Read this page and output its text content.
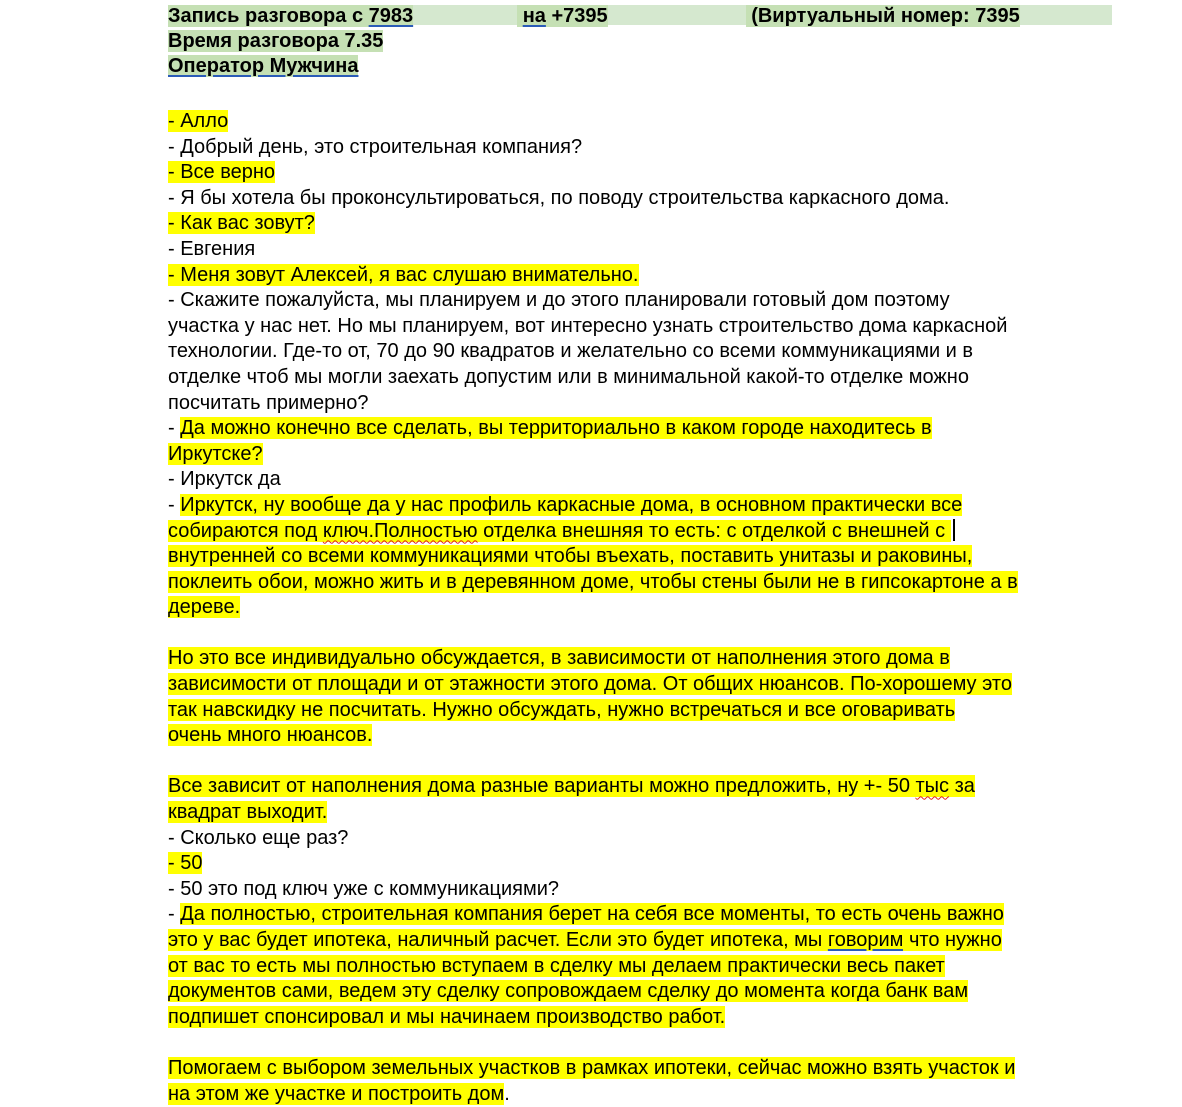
Запись разговора с 7983	на +7395	(Виртуальный номер: 7395
Время разговора 7.35
Оператор Мужчина

- Алло

- Добрый день, это строительная компания?

- Все верно

- Я бы хотела бы проконсультироваться, по поводу строительства каркасного дома.

- Как вас зовут?

- Евгения

- Меня зовут Алексей, я вас слушаю внимательно.

- Скажите пожалуйста, мы планируем и до этого планировали готовый дом поэтому

участка у нас нет. Но мы планируем, вот интересно узнать строительство дома каркасной

технологии. Где-то от, 70 до 90 квадратов и желательно со всеми коммуникациями и в

отделке чтоб мы могли заехать допустим или в минимальной какой-то отделке можно

посчитать примерно?

- Да можно конечно все сделать, вы территориально в каком городе находитесь в

Иркутске?

- Иркутск да

- Иркутск, ну вообще да у нас профиль каркасные дома, в основном практически все

собираются под ключ.Полностью отделка внешняя то есть: с отделкой с внешней с

внутренней со всеми коммуникациями чтобы въехать, поставить унитазы и раковины,

поклеить обои, можно жить и в деревянном доме, чтобы стены были не в гипсокартоне а в

дереве.

Но это все индивидуально обсуждается, в зависимости от наполнения этого дома в

зависимости от площади и от этажности этого дома. От общих нюансов. По-хорошему это

так навскидку не посчитать. Нужно обсуждать, нужно встречаться и все оговаривать

очень много нюансов.

Все зависит от наполнения дома разные варианты можно предложить, ну +- 50 тыс за

квадрат выходит.

- Сколько еще раз?

- 50

- 50 это под ключ уже с коммуникациями?

- Да полностью, строительная компания берет на себя все моменты, то есть очень важно

это у вас будет ипотека, наличный расчет. Если это будет ипотека, мы говорим что нужно

от вас то есть мы полностью вступаем в сделку мы делаем практически весь пакет

документов сами, ведем эту сделку сопровождаем сделку до момента когда банк вам

подпишет спонсировал и мы начинаем производство работ.

Помогаем с выбором земельных участков в рамках ипотеки, сейчас можно взять участок и

на этом же участке и построить дом.
